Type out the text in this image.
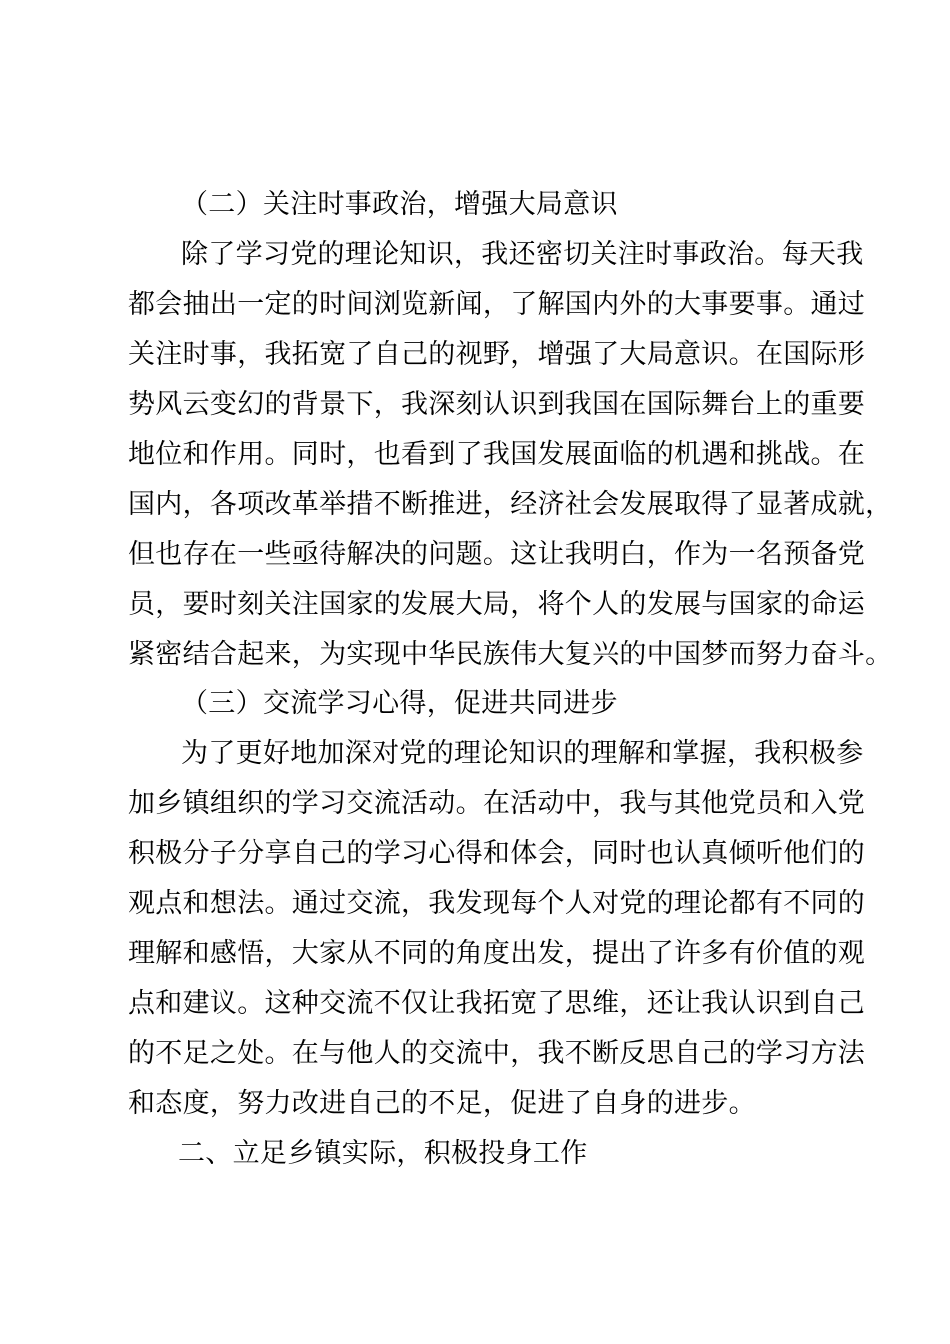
（二）关注时事政治，增强大局意识
除了学习党的理论知识，我还密切关注时事政治。每天我
都会抽出一定的时间浏览新闻，了解国内外的大事要事。通过
关注时事，我拓宽了自己的视野，增强了大局意识。在国际形
势风云变幻的背景下，我深刻认识到我国在国际舞台上的重要
地位和作用。同时，也看到了我国发展面临的机遇和挑战。在
国内，各项改革举措不断推进，经济社会发展取得了显著成就，
但也存在一些亟待解决的问题。这让我明白，作为一名预备党
员，要时刻关注国家的发展大局，将个人的发展与国家的命运
紧密结合起来，为实现中华民族伟大复兴的中国梦而努力奋斗。
（三）交流学习心得，促进共同进步
为了更好地加深对党的理论知识的理解和掌握，我积极参
加乡镇组织的学习交流活动。在活动中，我与其他党员和入党
积极分子分享自己的学习心得和体会，同时也认真倾听他们的
观点和想法。通过交流，我发现每个人对党的理论都有不同的
理解和感悟，大家从不同的角度出发，提出了许多有价值的观
点和建议。这种交流不仅让我拓宽了思维，还让我认识到自己
的不足之处。在与他人的交流中，我不断反思自己的学习方法
和态度，努力改进自己的不足，促进了自身的进步。
二、立足乡镇实际，积极投身工作
